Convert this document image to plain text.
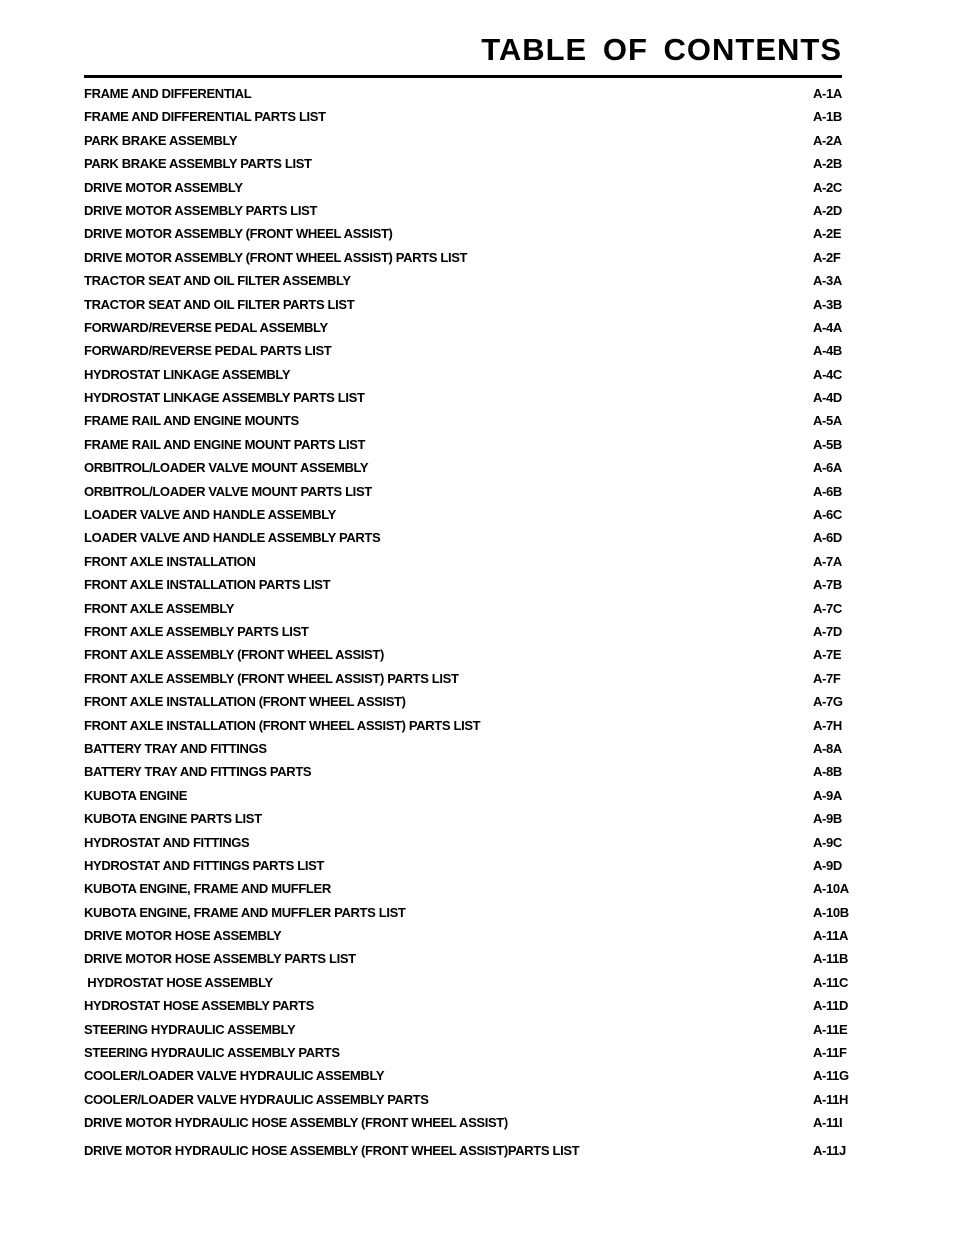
TABLE OF CONTENTS
FRAME AND DIFFERENTIAL	A-1A
FRAME AND DIFFERENTIAL PARTS LIST	A-1B
PARK BRAKE ASSEMBLY	A-2A
PARK BRAKE ASSEMBLY PARTS LIST	A-2B
DRIVE MOTOR ASSEMBLY	A-2C
DRIVE MOTOR ASSEMBLY PARTS LIST	A-2D
DRIVE MOTOR ASSEMBLY (FRONT WHEEL ASSIST)	A-2E
DRIVE MOTOR ASSEMBLY (FRONT WHEEL ASSIST) PARTS LIST	A-2F
TRACTOR SEAT AND OIL FILTER ASSEMBLY	A-3A
TRACTOR SEAT AND OIL FILTER PARTS LIST	A-3B
FORWARD/REVERSE PEDAL ASSEMBLY	A-4A
FORWARD/REVERSE PEDAL PARTS LIST	A-4B
HYDROSTAT LINKAGE ASSEMBLY	A-4C
HYDROSTAT LINKAGE ASSEMBLY PARTS LIST	A-4D
FRAME RAIL AND ENGINE MOUNTS	A-5A
FRAME RAIL AND ENGINE MOUNT PARTS LIST	A-5B
ORBITROL/LOADER VALVE MOUNT ASSEMBLY	A-6A
ORBITROL/LOADER VALVE MOUNT PARTS LIST	A-6B
LOADER VALVE AND HANDLE ASSEMBLY	A-6C
LOADER VALVE AND HANDLE ASSEMBLY PARTS	A-6D
FRONT AXLE INSTALLATION	A-7A
FRONT AXLE INSTALLATION PARTS LIST	A-7B
FRONT AXLE ASSEMBLY	A-7C
FRONT AXLE ASSEMBLY PARTS LIST	A-7D
FRONT AXLE ASSEMBLY (FRONT WHEEL ASSIST)	A-7E
FRONT AXLE ASSEMBLY (FRONT WHEEL ASSIST) PARTS LIST	A-7F
FRONT AXLE INSTALLATION (FRONT WHEEL ASSIST)	A-7G
FRONT AXLE INSTALLATION (FRONT WHEEL ASSIST) PARTS LIST	A-7H
BATTERY TRAY AND FITTINGS	A-8A
BATTERY TRAY AND FITTINGS PARTS	A-8B
KUBOTA ENGINE	A-9A
KUBOTA ENGINE PARTS LIST	A-9B
HYDROSTAT AND FITTINGS	A-9C
HYDROSTAT AND FITTINGS PARTS LIST	A-9D
KUBOTA ENGINE, FRAME AND MUFFLER	A-10A
KUBOTA ENGINE, FRAME AND MUFFLER PARTS LIST	A-10B
DRIVE MOTOR HOSE ASSEMBLY	A-11A
DRIVE MOTOR HOSE ASSEMBLY PARTS LIST	A-11B
HYDROSTAT HOSE ASSEMBLY	A-11C
HYDROSTAT HOSE ASSEMBLY PARTS	A-11D
STEERING HYDRAULIC ASSEMBLY	A-11E
STEERING HYDRAULIC ASSEMBLY PARTS	A-11F
COOLER/LOADER VALVE HYDRAULIC ASSEMBLY	A-11G
COOLER/LOADER VALVE HYDRAULIC ASSEMBLY PARTS	A-11H
DRIVE MOTOR HYDRAULIC HOSE ASSEMBLY (FRONT WHEEL ASSIST)	A-11I
DRIVE MOTOR HYDRAULIC HOSE ASSEMBLY (FRONT WHEEL ASSIST)PARTS LIST	A-11J
